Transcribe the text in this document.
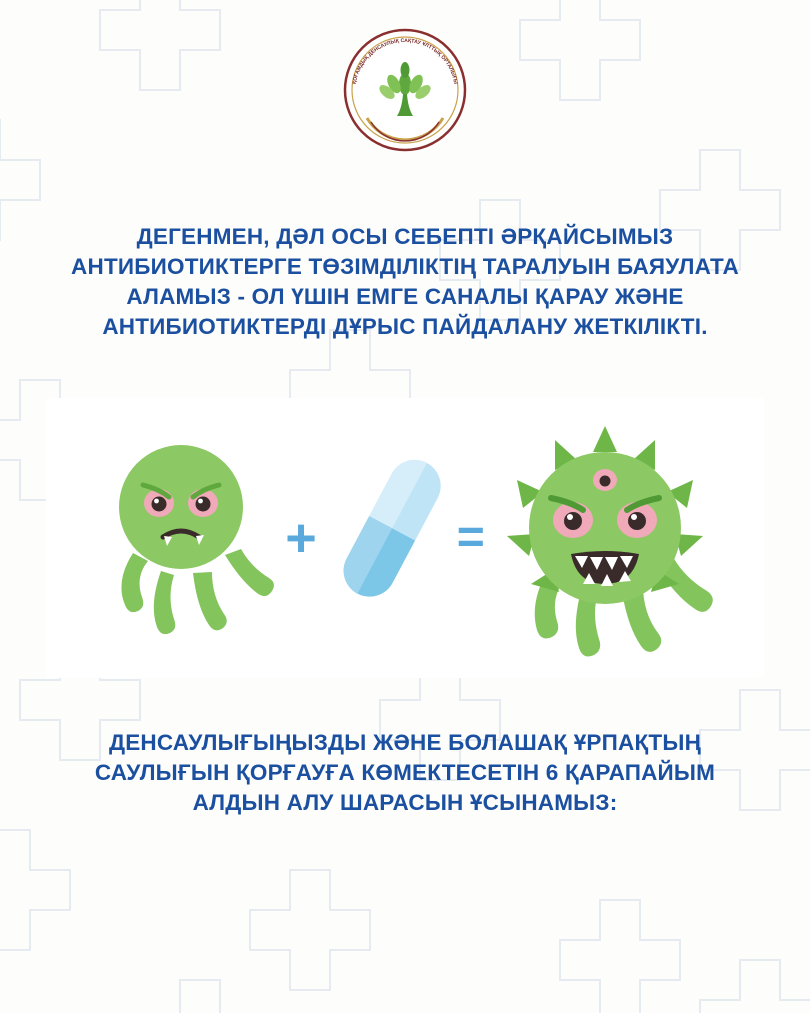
ҚОҒАМДЫҚ ДЕНСАУЛЫҚ САҚТАУ ҰЛТТЫҚ ОРТАЛЫҒЫ
ДЕГЕНМЕН, ДӘЛ ОСЫ СЕБЕПТІ ӘРҚАЙСЫМЫЗ АНТИБИОТИКТЕРГЕ ТӨЗІМДІЛІКТІҢ ТАРАЛУЫН БАЯУЛАТА АЛАМЫЗ - ОЛ ҮШІН ЕМГЕ САНАЛЫ ҚАРАУ ЖӘНЕ АНТИБИОТИКТЕРДІ ДҰРЫС ПАЙДАЛАНУ ЖЕТКІЛІКТІ.
+	=
ДЕНСАУЛЫҒЫҢЫЗДЫ ЖӘНЕ БОЛАШАҚ ҰРПАҚТЫҢ САУЛЫҒЫН ҚОРҒАУҒА КӨМЕКТЕСЕТІН 6 ҚАРАПАЙЫМ АЛДЫН АЛУ ШАРАСЫН ҰСЫНАМЫЗ:
